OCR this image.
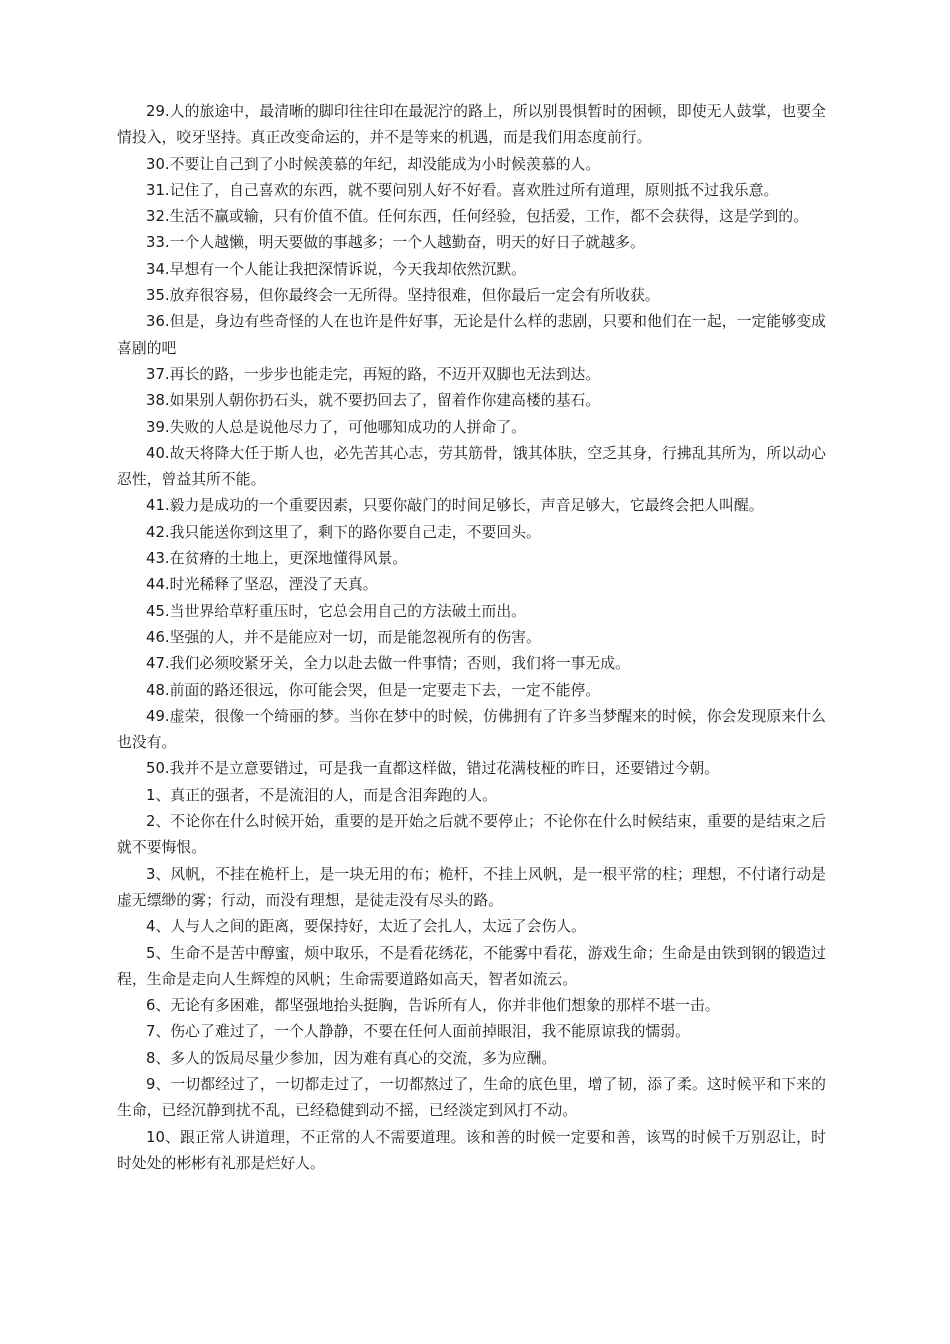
29.人的旅途中，最清晰的脚印往往印在最泥泞的路上，所以别畏惧暂时的困顿，即使无人鼓掌，也要全情投入，咬牙坚持。真正改变命运的，并不是等来的机遇，而是我们用态度前行。

30.不要让自己到了小时候羡慕的年纪，却没能成为小时候羡慕的人。

31.记住了，自己喜欢的东西，就不要问别人好不好看。喜欢胜过所有道理，原则抵不过我乐意。

32.生活不赢或输，只有价值不值。任何东西，任何经验，包括爱，工作，都不会获得，这是学到的。

33.一个人越懒，明天要做的事越多；一个人越勤奋，明天的好日子就越多。

34.早想有一个人能让我把深情诉说，今天我却依然沉默。

35.放弃很容易，但你最终会一无所得。坚持很难，但你最后一定会有所收获。

36.但是，身边有些奇怪的人在也许是件好事，无论是什么样的悲剧，只要和他们在一起，一定能够变成喜剧的吧

37.再长的路，一步步也能走完，再短的路，不迈开双脚也无法到达。

38.如果别人朝你扔石头，就不要扔回去了，留着作你建高楼的基石。

39.失败的人总是说他尽力了，可他哪知成功的人拼命了。

40.故天将降大任于斯人也，必先苦其心志，劳其筋骨，饿其体肤，空乏其身，行拂乱其所为，所以动心忍性，曾益其所不能。

41.毅力是成功的一个重要因素，只要你敲门的时间足够长，声音足够大，它最终会把人叫醒。

42.我只能送你到这里了，剩下的路你要自己走，不要回头。

43.在贫瘠的土地上，更深地懂得风景。

44.时光稀释了坚忍，湮没了天真。

45.当世界给草籽重压时，它总会用自己的方法破土而出。

46.坚强的人，并不是能应对一切，而是能忽视所有的伤害。

47.我们必须咬紧牙关，全力以赴去做一件事情；否则，我们将一事无成。

48.前面的路还很远，你可能会哭，但是一定要走下去，一定不能停。

49.虚荣，很像一个绮丽的梦。当你在梦中的时候，仿佛拥有了许多当梦醒来的时候，你会发现原来什么也没有。

50.我并不是立意要错过，可是我一直都这样做，错过花满枝桠的昨日，还要错过今朝。

1、真正的强者，不是流泪的人，而是含泪奔跑的人。

2、不论你在什么时候开始，重要的是开始之后就不要停止；不论你在什么时候结束，重要的是结束之后就不要悔恨。

3、风帆，不挂在桅杆上，是一块无用的布；桅杆，不挂上风帆，是一根平常的柱；理想，不付诸行动是虚无缥缈的雾；行动，而没有理想，是徒走没有尽头的路。

4、人与人之间的距离，要保持好，太近了会扎人，太远了会伤人。

5、生命不是苦中醇蜜，烦中取乐，不是看花绣花，不能雾中看花，游戏生命；生命是由铁到钢的锻造过程，生命是走向人生辉煌的风帆；生命需要道路如高天，智者如流云。

6、无论有多困难，都坚强地抬头挺胸，告诉所有人，你并非他们想象的那样不堪一击。

7、伤心了难过了，一个人静静，不要在任何人面前掉眼泪，我不能原谅我的懦弱。

8、多人的饭局尽量少参加，因为难有真心的交流，多为应酬。

9、一切都经过了，一切都走过了，一切都熬过了，生命的底色里，增了韧，添了柔。这时候平和下来的生命，已经沉静到扰不乱，已经稳健到动不摇，已经淡定到风打不动。

10、跟正常人讲道理，不正常的人不需要道理。该和善的时候一定要和善，该骂的时候千万别忍让，时时处处的彬彬有礼那是烂好人。
